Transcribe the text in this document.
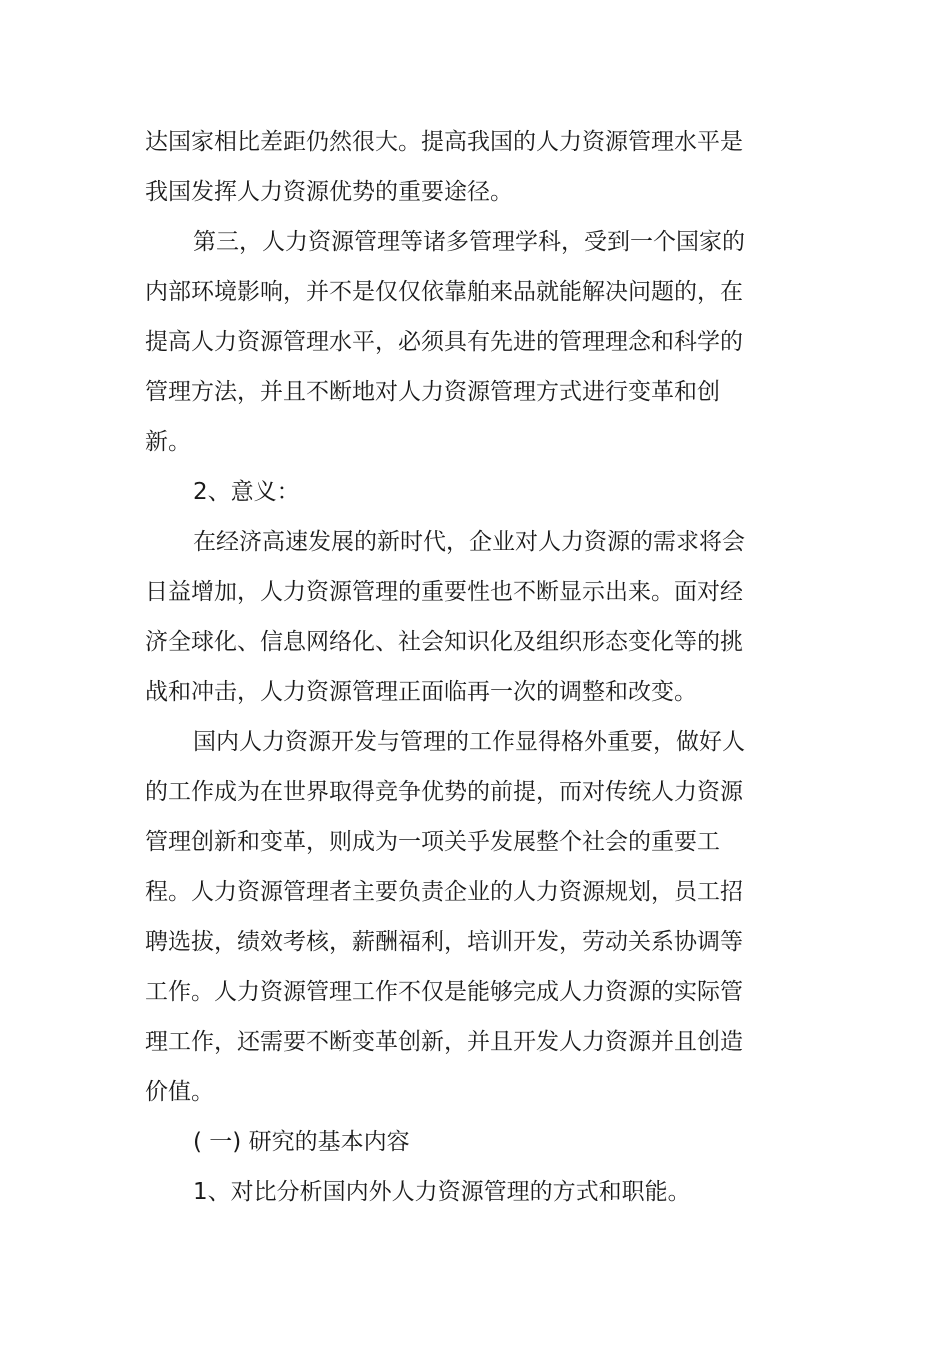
达国家相比差距仍然很大。提高我国的人力资源管理水平是
我国发挥人力资源优势的重要途径。

第三，人力资源管理等诸多管理学科，受到一个国家的
内部环境影响，并不是仅仅依靠舶来品就能解决问题的，在
提高人力资源管理水平，必须具有先进的管理理念和科学的
管理方法，并且不断地对人力资源管理方式进行变革和创
新。

2、意义：

在经济高速发展的新时代，企业对人力资源的需求将会
日益增加，人力资源管理的重要性也不断显示出来。面对经
济全球化、信息网络化、社会知识化及组织形态变化等的挑
战和冲击，人力资源管理正面临再一次的调整和改变。

国内人力资源开发与管理的工作显得格外重要，做好人
的工作成为在世界取得竞争优势的前提，而对传统人力资源
管理创新和变革，则成为一项关乎发展整个社会的重要工
程。人力资源管理者主要负责企业的人力资源规划，员工招
聘选拔，绩效考核，薪酬福利，培训开发，劳动关系协调等
工作。人力资源管理工作不仅是能够完成人力资源的实际管
理工作，还需要不断变革创新，并且开发人力资源并且创造
价值。

( 一) 研究的基本内容

1、对比分析国内外人力资源管理的方式和职能。
